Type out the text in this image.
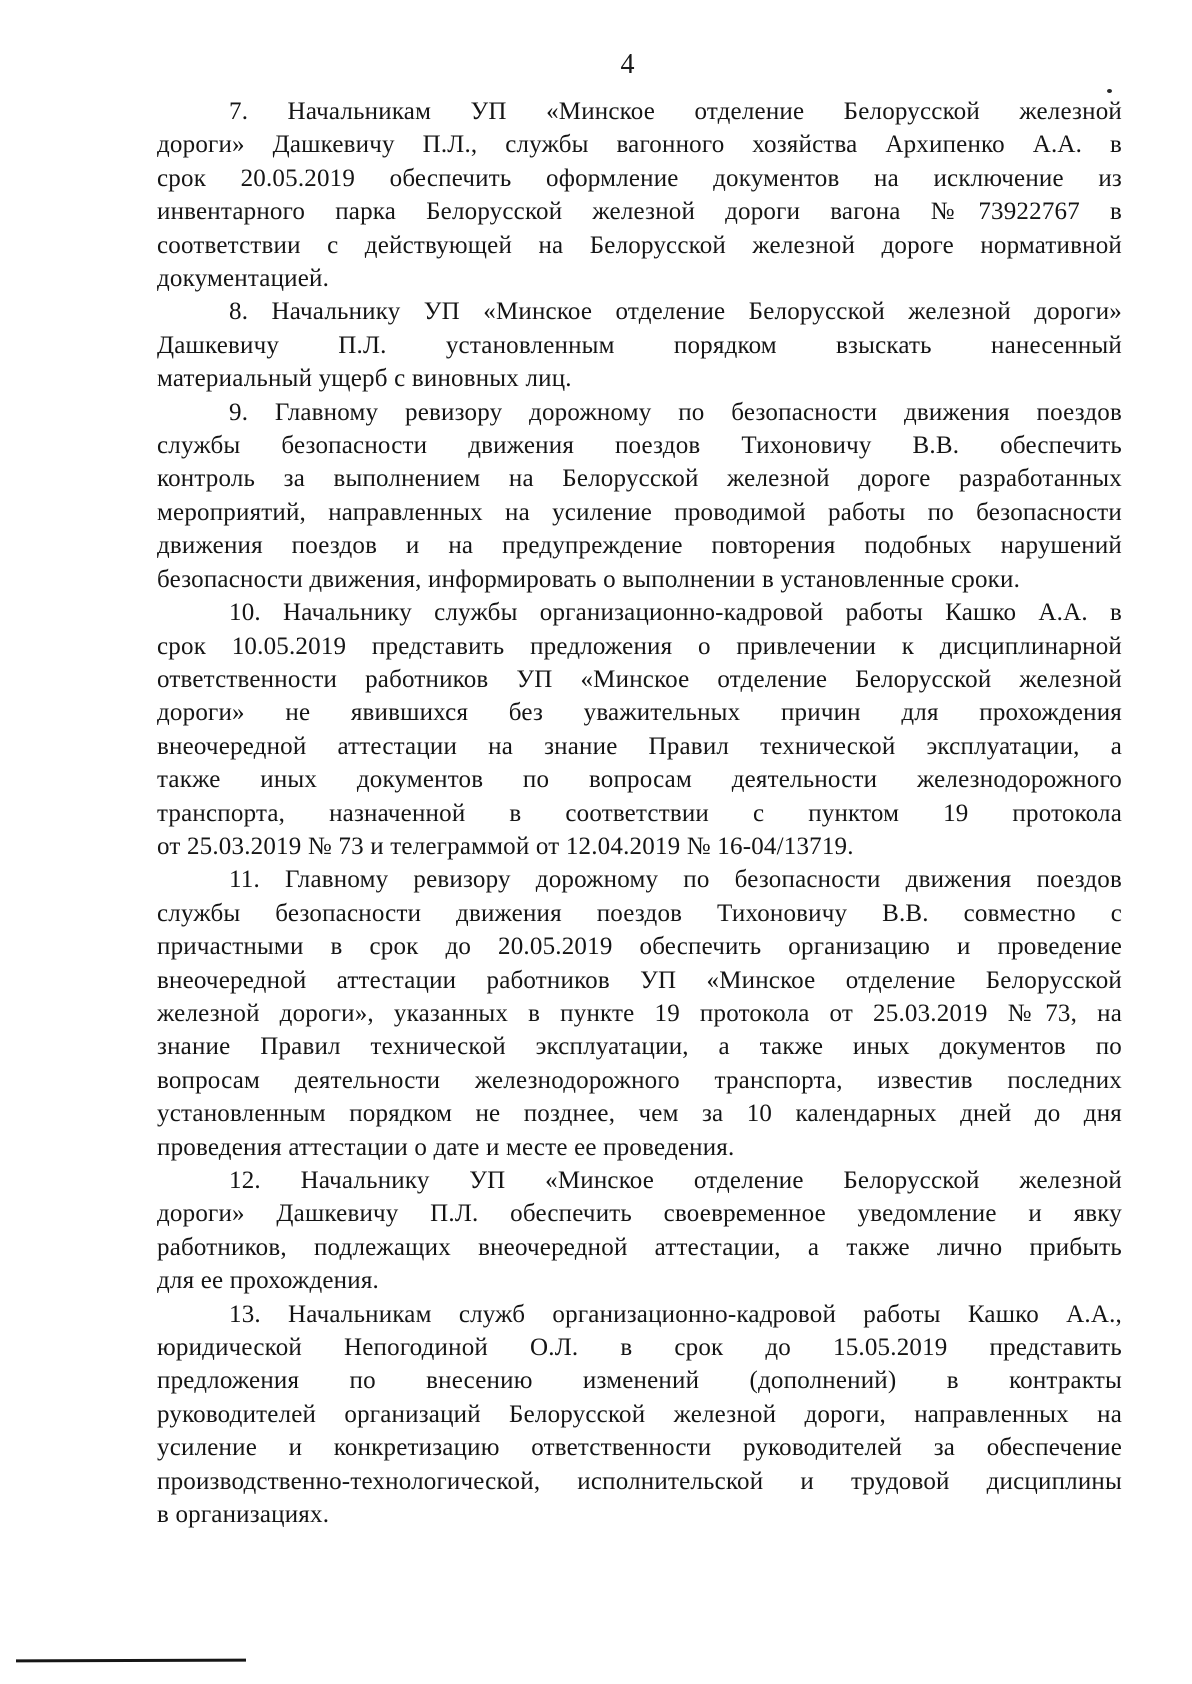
4
7. Начальникам УП «Минское отделение Белорусской железной
дороги» Дашкевичу П.Л., службы вагонного хозяйства Архипенко А.А. в
срок 20.05.2019 обеспечить оформление документов на исключение из
инвентарного парка Белорусской железной дороги вагона №73922767 в
соответствии с действующей на Белорусской железной дороге нормативной
документацией.
8. Начальнику УП «Минское отделение Белорусской железной дороги»
Дашкевичу П.Л. установленным порядком взыскать нанесенный
материальный ущерб с виновных лиц.
9. Главному ревизору дорожному по безопасности движения поездов
службы безопасности движения поездов Тихоновичу В.В. обеспечить
контроль за выполнением на Белорусской железной дороге разработанных
мероприятий, направленных на усиление проводимой работы по безопасности
движения поездов и на предупреждение повторения подобных нарушений
безопасности движения, информировать о выполнении в установленные сроки.
10. Начальнику службы организационно-кадровой работы Кашко А.А. в
срок 10.05.2019 представить предложения о привлечении к дисциплинарной
ответственности работников УП «Минское отделение Белорусской железной
дороги» не явившихся без уважительных причин для прохождения
внеочередной аттестации на знание Правил технической эксплуатации, а
также иных документов по вопросам деятельности железнодорожного
транспорта, назначенной в соответствии с пунктом 19 протокола
от 25.03.2019 № 73 и телеграммой от 12.04.2019 № 16-04/13719.
11. Главному ревизору дорожному по безопасности движения поездов
службы безопасности движения поездов Тихоновичу В.В. совместно с
причастными в срок до 20.05.2019 обеспечить организацию и проведение
внеочередной аттестации работников УП «Минское отделение Белорусской
железной дороги», указанных в пункте 19 протокола от 25.03.2019 №73, на
знание Правил технической эксплуатации, а также иных документов по
вопросам деятельности железнодорожного транспорта, известив последних
установленным порядком не позднее, чем за 10 календарных дней до дня
проведения аттестации о дате и месте ее проведения.
12. Начальнику УП «Минское отделение Белорусской железной
дороги» Дашкевичу П.Л. обеспечить своевременное уведомление и явку
работников, подлежащих внеочередной аттестации, а также лично прибыть
для ее прохождения.
13. Начальникам служб организационно-кадровой работы Кашко А.А.,
юридической Непогодиной О.Л. в срок до 15.05.2019 представить
предложения по внесению изменений (дополнений) в контракты
руководителей организаций Белорусской железной дороги, направленных на
усиление и конкретизацию ответственности руководителей за обеспечение
производственно-технологической, исполнительской и трудовой дисциплины
в организациях.
